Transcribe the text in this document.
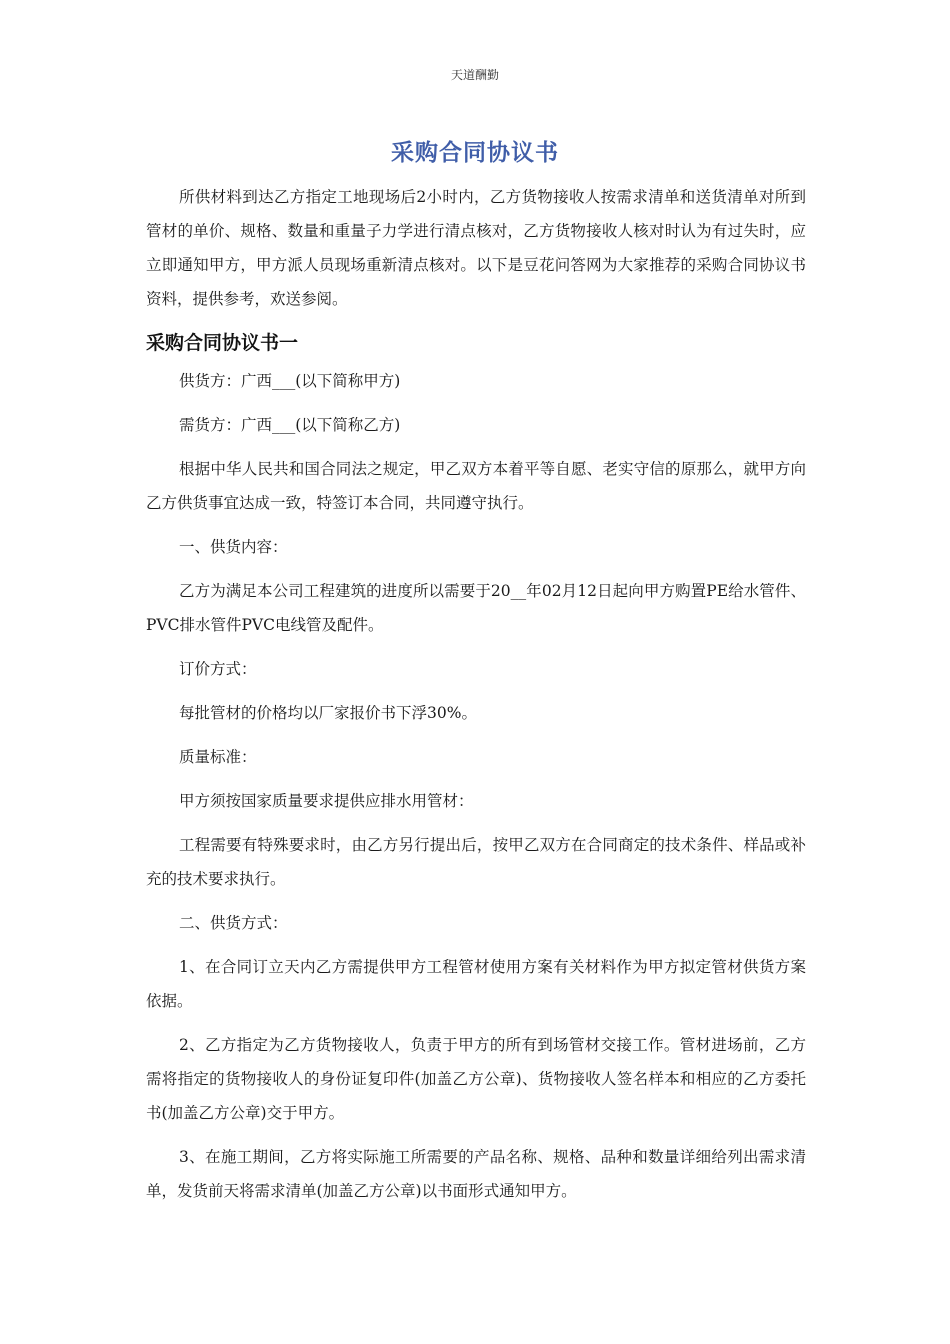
天道酬勤
采购合同协议书

所供材料到达乙方指定工地现场后2小时内，乙方货物接收人按需求清单和送货清单对所到管材的单价、规格、数量和重量子力学进行清点核对，乙方货物接收人核对时认为有过失时，应立即通知甲方，甲方派人员现场重新清点核对。以下是豆花问答网为大家推荐的采购合同协议书资料，提供参考，欢送参阅。

采购合同协议书一

供货方：广西___(以下简称甲方)

需货方：广西___(以下简称乙方)

根据中华人民共和国合同法之规定，甲乙双方本着平等自愿、老实守信的原那么，就甲方向乙方供货事宜达成一致，特签订本合同，共同遵守执行。

一、供货内容：

乙方为满足本公司工程建筑的进度所以需要于20__年02月12日起向甲方购置PE给水管件、PVC排水管件PVC电线管及配件。

订价方式：

每批管材的价格均以厂家报价书下浮30%。

质量标准：

甲方须按国家质量要求提供应排水用管材：

工程需要有特殊要求时，由乙方另行提出后，按甲乙双方在合同商定的技术条件、样品或补充的技术要求执行。

二、供货方式：

1、在合同订立天内乙方需提供甲方工程管材使用方案有关材料作为甲方拟定管材供货方案依据。

2、乙方指定为乙方货物接收人，负责于甲方的所有到场管材交接工作。管材进场前，乙方需将指定的货物接收人的身份证复印件(加盖乙方公章)、货物接收人签名样本和相应的乙方委托书(加盖乙方公章)交于甲方。

3、在施工期间，乙方将实际施工所需要的产品名称、规格、品种和数量详细给列出需求清单，发货前天将需求清单(加盖乙方公章)以书面形式通知甲方。
